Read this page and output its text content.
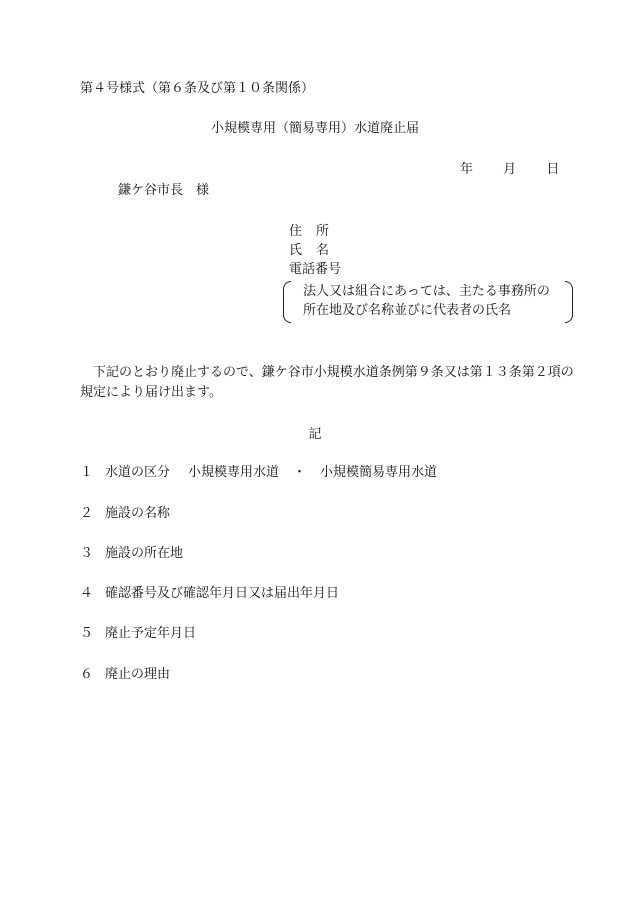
第４号様式（第６条及び第１０条関係）
小規模専用（簡易専用）水道廃止届
年 月 日
鎌ケ谷市長　様
住所
氏名
電話番号
法人又は組合にあっては、主たる事務所の
所在地及び名称並びに代表者の氏名
下記のとおり廃止するので、鎌ケ谷市小規模水道条例第９条又は第１３条第２項の規定により届け出ます。
記
１ 水道の区分 小規模専用水道 ・ 小規模簡易専用水道
２ 施設の名称
３ 施設の所在地
４ 確認番号及び確認年月日又は届出年月日
５ 廃止予定年月日
６ 廃止の理由
